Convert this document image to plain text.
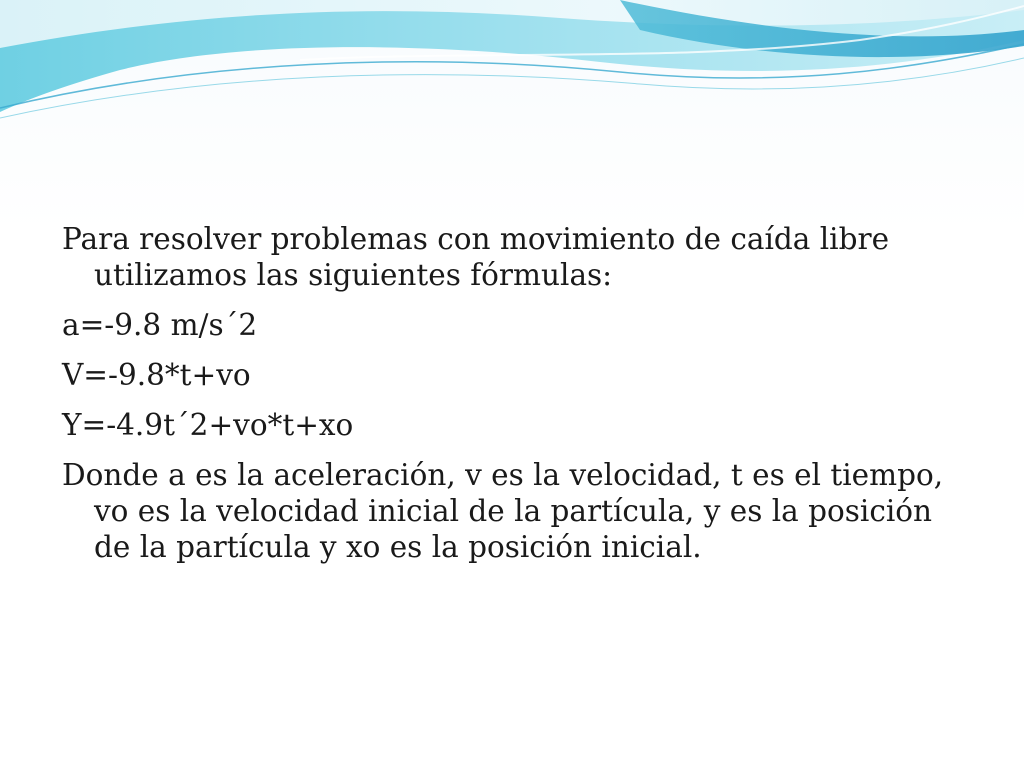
Para resolver problemas con movimiento de caída libre utilizamos las siguientes fórmulas:

a=-9.8 m/s´2

V=-9.8*t+vo

Y=-4.9t´2+vo*t+xo

Donde a es la aceleración, v es la velocidad, t es el tiempo, vo es la velocidad inicial de la partícula, y es la posición de la partícula y xo es la posición inicial.
